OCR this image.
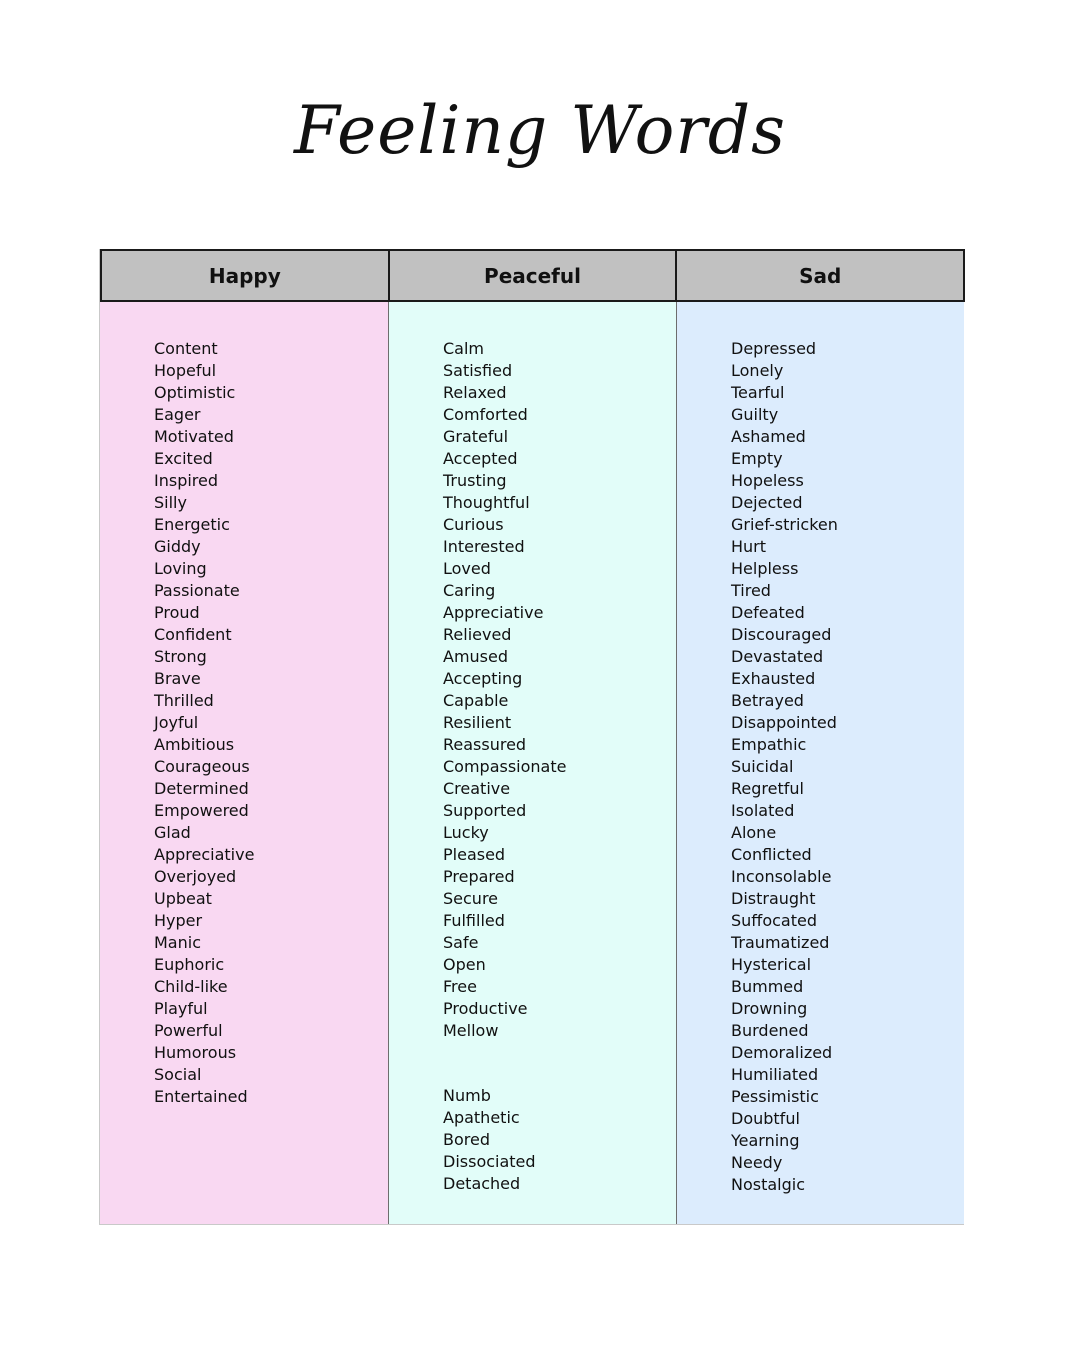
Feeling Words
Happy	Peaceful	Sad
Content
Hopeful
Optimistic
Eager
Motivated
Excited
Inspired
Silly
Energetic
Giddy
Loving
Passionate
Proud
Confident
Strong
Brave
Thrilled
Joyful
Ambitious
Courageous
Determined
Empowered
Glad
Appreciative
Overjoyed
Upbeat
Hyper
Manic
Euphoric
Child-like
Playful
Powerful
Humorous
Social
Entertained
Calm
Satisfied
Relaxed
Comforted
Grateful
Accepted
Trusting
Thoughtful
Curious
Interested
Loved
Caring
Appreciative
Relieved
Amused
Accepting
Capable
Resilient
Reassured
Compassionate
Creative
Supported
Lucky
Pleased
Prepared
Secure
Fulfilled
Safe
Open
Free
Productive
Mellow
Numb
Apathetic
Bored
Dissociated
Detached
Depressed
Lonely
Tearful
Guilty
Ashamed
Empty
Hopeless
Dejected
Grief-stricken
Hurt
Helpless
Tired
Defeated
Discouraged
Devastated
Exhausted
Betrayed
Disappointed
Empathic
Suicidal
Regretful
Isolated
Alone
Conflicted
Inconsolable
Distraught
Suffocated
Traumatized
Hysterical
Bummed
Drowning
Burdened
Demoralized
Humiliated
Pessimistic
Doubtful
Yearning
Needy
Nostalgic
